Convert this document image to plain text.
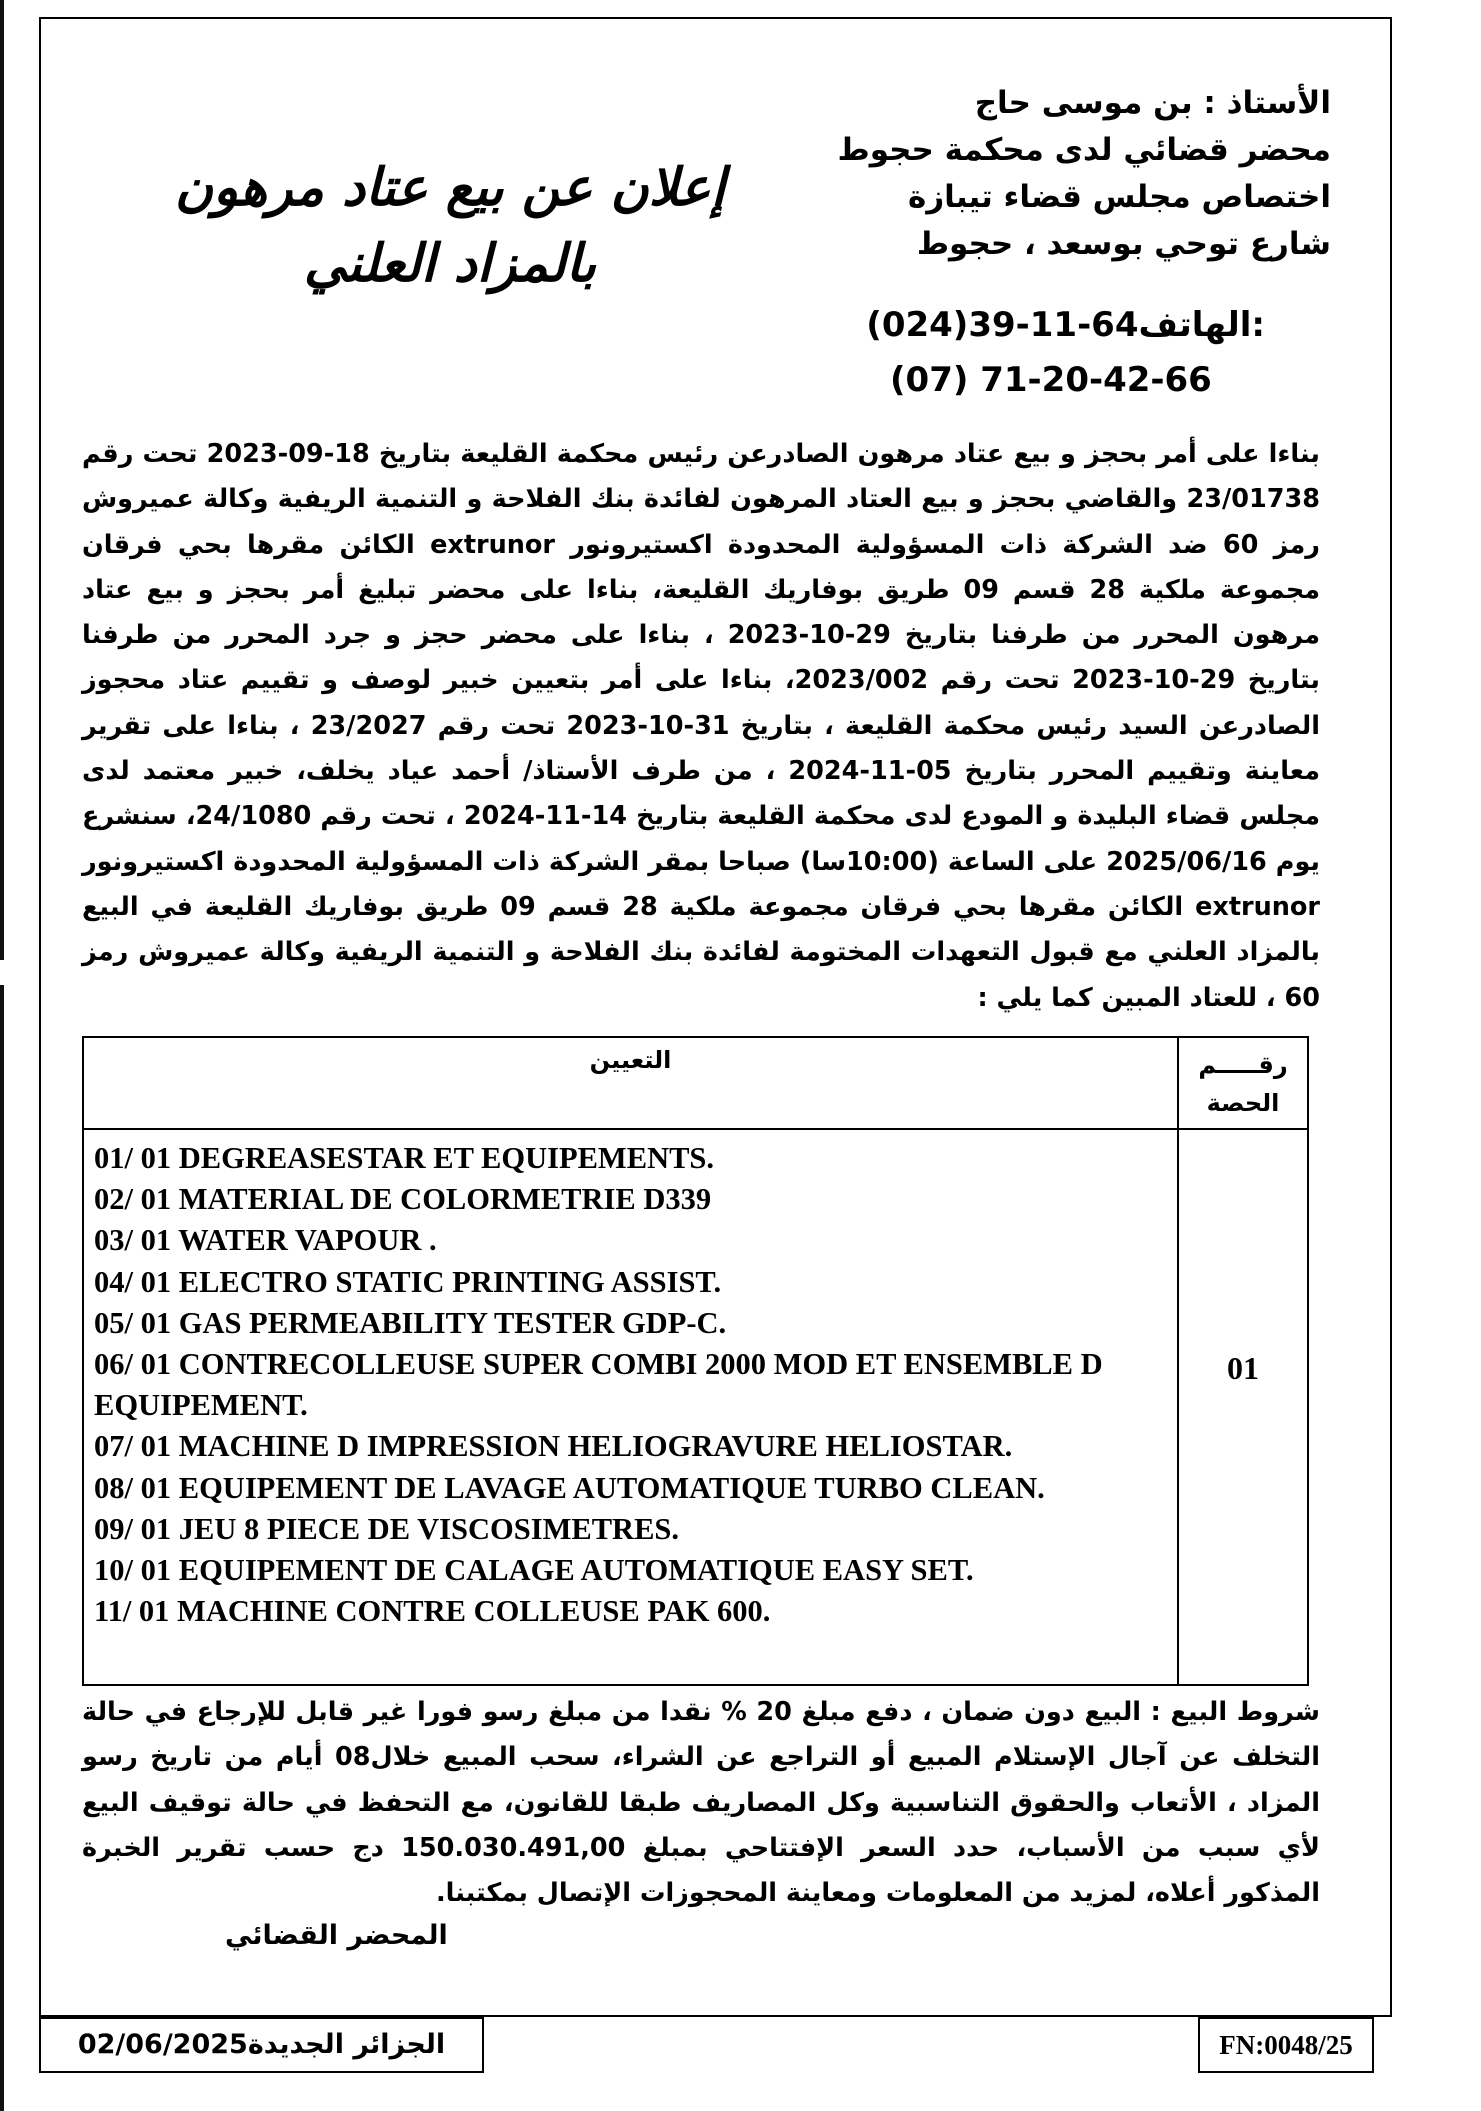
الأستاذ : بن موسى حاج
محضر قضائي لدى محكمة حجوط
اختصاص مجلس قضاء تيبازة
شارع توحي بوسعد ، حجوط
(024)39-11-64الهاتف:
(07) 71-20-42-66
إعلان عن بيع عتاد مرهون
بالمزاد العلني
بناءا على أمر بحجز و بيع عتاد مرهون الصادرعن رئيس محكمة القليعة بتاريخ 18-09-2023 تحت رقم 23/01738 والقاضي بحجز و بيع العتاد المرهون لفائدة بنك الفلاحة و التنمية الريفية وكالة عميروش رمز 60 ضد الشركة ذات المسؤولية المحدودة اكستيرونور extrunor الكائن مقرها بحي فرقان مجموعة ملكية 28 قسم 09 طريق بوفاريك القليعة، بناءا على محضر تبليغ أمر بحجز و بيع عتاد مرهون المحرر من طرفنا بتاريخ 29-10-2023 ، بناءا على محضر حجز و جرد المحرر من طرفنا بتاريخ 29-10-2023 تحت رقم 2023/002، بناءا على أمر بتعيين خبير لوصف و تقييم عتاد محجوز الصادرعن السيد رئيس محكمة القليعة ، بتاريخ 31-10-2023 تحت رقم 23/2027 ، بناءا على تقرير معاينة وتقييم المحرر بتاريخ 05-11-2024 ، من طرف الأستاذ/ أحمد عياد يخلف، خبير معتمد لدى مجلس قضاء البليدة و المودع لدى محكمة القليعة بتاريخ 14-11-2024 ، تحت رقم 24/1080، سنشرع يوم 2025/06/16 على الساعة (10:00سا) صباحا بمقر الشركة ذات المسؤولية المحدودة اكستيرونور extrunor الكائن مقرها بحي فرقان مجموعة ملكية 28 قسم 09 طريق بوفاريك القليعة في البيع بالمزاد العلني مع قبول التعهدات المختومة لفائدة بنك الفلاحة و التنمية الريفية وكالة عميروش رمز 60 ، للعتاد المبين كما يلي :
التعيين	رقـــــم
الحصة
01/ 01 DEGREASESTAR ET EQUIPEMENTS.
02/ 01 MATERIAL DE COLORMETRIE D339
03/ 01 WATER VAPOUR .
04/ 01 ELECTRO STATIC PRINTING ASSIST.
05/ 01 GAS PERMEABILITY TESTER GDP-C.
06/ 01 CONTRECOLLEUSE SUPER COMBI 2000 MOD ET ENSEMBLE D EQUIPEMENT.
07/ 01 MACHINE D IMPRESSION HELIOGRAVURE HELIOSTAR.
08/ 01 EQUIPEMENT DE LAVAGE AUTOMATIQUE TURBO CLEAN.
09/ 01 JEU 8 PIECE DE VISCOSIMETRES.
10/ 01 EQUIPEMENT DE CALAGE AUTOMATIQUE EASY SET.
11/ 01 MACHINE CONTRE COLLEUSE PAK 600.
01
شروط البيع : البيع دون ضمان ، دفع مبلغ 20 % نقدا من مبلغ رسو فورا غير قابل للإرجاع في حالة التخلف عن آجال الإستلام المبيع أو التراجع عن الشراء، سحب المبيع خلال08 أيام من تاريخ رسو المزاد ، الأتعاب والحقوق التناسبية وكل المصاريف طبقا للقانون، مع التحفظ في حالة توقيف البيع لأي سبب من الأسباب، حدد السعر الإفتتاحي بمبلغ 150.030.491,00 دج حسب تقرير الخبرة المذكور أعلاه، لمزيد من المعلومات ومعاينة المحجوزات الإتصال بمكتبنا.
المحضر القضائي
الجزائر الجديدة02/06/2025	FN:0048/25
